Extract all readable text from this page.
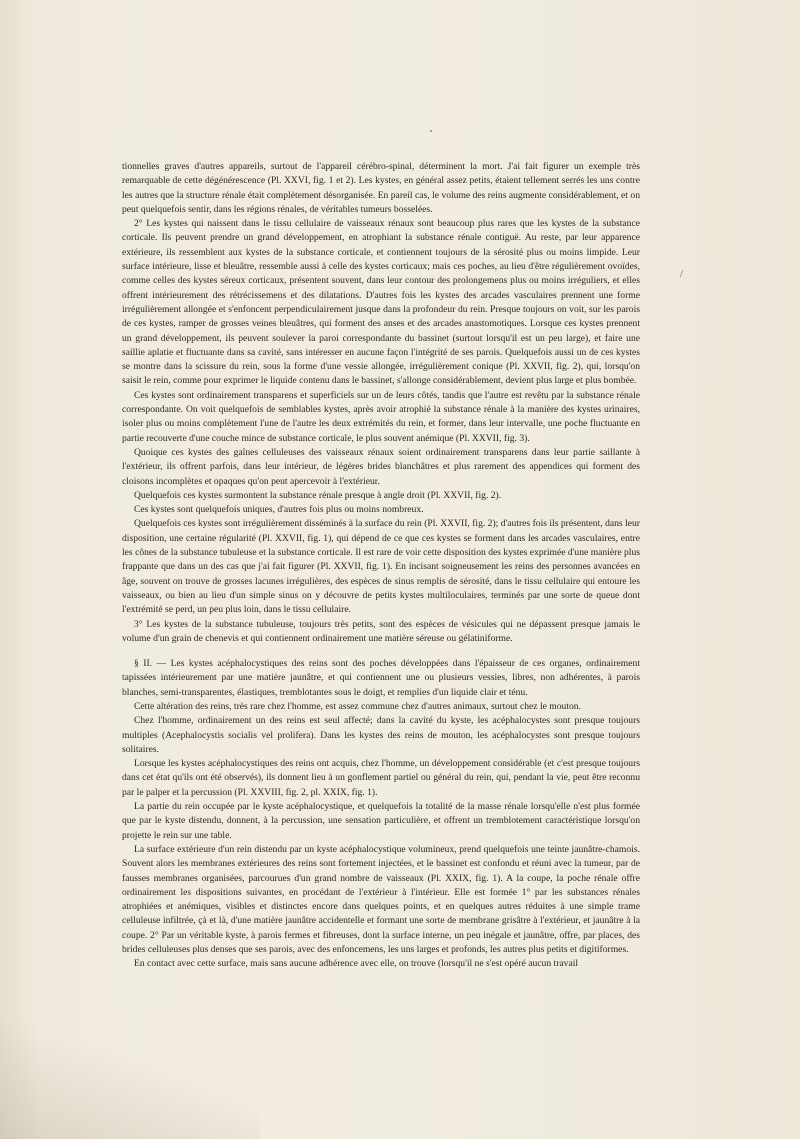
/

tionnelles graves d'autres appareils, surtout de l'appareil cérébro-spinal, déterminent la mort. J'ai fait figurer un exemple très remarquable de cette dégénérescence (Pl. XXVI, fig. 1 et 2). Les kystes, en général assez petits, étaient tellement serrés les uns contre les autres que la structure rénale était complètement désorganisée. En pareil cas, le volume des reins augmente considérablement, et on peut quelquefois sentir, dans les régions rénales, de véritables tumeurs bosselées.

2° Les kystes qui naissent dans le tissu cellulaire de vaisseaux rénaux sont beaucoup plus rares que les kystes de la substance corticale. Ils peuvent prendre un grand développement, en atrophiant la substance rénale contiguë. Au reste, par leur apparence extérieure, ils ressemblent aux kystes de la substance corticale, et contiennent toujours de la sérosité plus ou moins limpide. Leur surface intérieure, lisse et bleuâtre, ressemble aussi à celle des kystes corticaux; mais ces poches, au lieu d'être régulièrement ovoïdes, comme celles des kystes séreux corticaux, présentent souvent, dans leur contour des prolongemens plus ou moins irréguliers, et elles offrent intérieurement des rétrécissemens et des dilatations. D'autres fois les kystes des arcades vasculaires prennent une forme irrégulièrement allongée et s'enfoncent perpendiculairement jusque dans la profondeur du rein. Presque toujours on voit, sur les parois de ces kystes, ramper de grosses veines bleuâtres, qui forment des anses et des arcades anastomotiques. Lorsque ces kystes prennent un grand développement, ils peuvent soulever la paroi correspondante du bassinet (surtout lorsqu'il est un peu large), et faire une saillie aplatie et fluctuante dans sa cavité, sans intéresser en aucune façon l'intégrité de ses parois. Quelquefois aussi un de ces kystes se montre dans la scissure du rein, sous la forme d'une vessie allongée, irrégulièrement conique (Pl. XXVII, fig. 2), qui, lorsqu'on saisit le rein, comme pour exprimer le liquide contenu dans le bassinet, s'allonge considérablement, devient plus large et plus bombée.

Ces kystes sont ordinairement transparens et superficiels sur un de leurs côtés, tandis que l'autre est revêtu par la substance rénale correspondante. On voit quelquefois de semblables kystes, après avoir atrophié la substance rénale à la manière des kystes urinaires, isoler plus ou moins complètement l'une de l'autre les deux extrémités du rein, et former, dans leur intervalle, une poche fluctuante en partie recouverte d'une couche mince de substance corticale, le plus souvent anémique (Pl. XXVII, fig. 3).

Quoique ces kystes des gaînes celluleuses des vaisseaux rénaux soient ordinairement transparens dans leur partie saillante à l'extérieur, ils offrent parfois, dans leur intérieur, de légères brides blanchâtres et plus rarement des appendices qui forment des cloisons incomplètes et opaques qu'on peut apercevoir à l'extérieur.

Quelquefois ces kystes surmontent la substance rénale presque à angle droit (Pl. XXVII, fig. 2).

Ces kystes sont quelquefois uniques, d'autres fois plus ou moins nombreux.

Quelquefois ces kystes sont irrégulièrement disséminés à la surface du rein (Pl. XXVII, fig. 2); d'autres fois ils présentent, dans leur disposition, une certaine régularité (Pl. XXVII, fig. 1), qui dépend de ce que ces kystes se forment dans les arcades vasculaires, entre les cônes de la substance tubuleuse et la substance corticale. Il est rare de voir cette disposition des kystes exprimée d'une manière plus frappante que dans un des cas que j'ai fait figurer (Pl. XXVII, fig. 1). En incisant soigneusement les reins des personnes avancées en âge, souvent on trouve de grosses lacunes irrégulières, des espèces de sinus remplis de sérosité, dans le tissu cellulaire qui entoure les vaisseaux, ou bien au lieu d'un simple sinus on y découvre de petits kystes multiloculaires, terminés par une sorte de queue dont l'extrémité se perd, un peu plus loin, dans le tissu cellulaire.

3° Les kystes de la substance tubuleuse, toujours très petits, sont des espèces de vésicules qui ne dépassent presque jamais le volume d'un grain de chenevis et qui contiennent ordinairement une matière séreuse ou gélatiniforme.

§ II. — Les kystes acéphalocystiques des reins sont des poches développées dans l'épaisseur de ces organes, ordinairement tapissées intérieurement par une matière jaunâtre, et qui contiennent une ou plusieurs vessies, libres, non adhérentes, à parois blanches, semi-transparentes, élastiques, tremblotantes sous le doigt, et remplies d'un liquide clair et ténu.

Cette altération des reins, très rare chez l'homme, est assez commune chez d'autres animaux, surtout chez le mouton.

Chez l'homme, ordinairement un des reins est seul affecté; dans la cavité du kyste, les acéphalocystes sont presque toujours multiples (Acephalocystis socialis vel prolifera). Dans les kystes des reins de mouton, les acéphalocystes sont presque toujours solitaires.

Lorsque les kystes acéphalocystiques des reins ont acquis, chez l'homme, un développement considérable (et c'est presque toujours dans cet état qu'ils ont été observés), ils donnent lieu à un gonflement partiel ou général du rein, qui, pendant la vie, peut être reconnu par le palper et la percussion (Pl. XXVIII, fig. 2, pl. XXIX, fig. 1).

La partie du rein occupée par le kyste acéphalocystique, et quelquefois la totalité de la masse rénale lorsqu'elle n'est plus formée que par le kyste distendu, donnent, à la percussion, une sensation particulière, et offrent un tremblotement caractéristique lorsqu'on projette le rein sur une table.

La surface extérieure d'un rein distendu par un kyste acéphalocystique volumineux, prend quelquefois une teinte jaunâtre-chamois. Souvent alors les membranes extérieures des reins sont fortement injectées, et le bassinet est confondu et réuni avec la tumeur, par de fausses membranes organisées, parcourues d'un grand nombre de vaisseaux (Pl. XXIX, fig. 1). A la coupe, la poche rénale offre ordinairement les dispositions suivantes, en procédant de l'extérieur à l'intérieur. Elle est formée 1° par les substances rénales atrophiées et anémiques, visibles et distinctes encore dans quelques points, et en quelques autres réduites à une simple trame celluleuse infiltrée, çà et là, d'une matière jaunâtre accidentelle et formant une sorte de membrane grisâtre à l'extérieur, et jaunâtre à la coupe. 2° Par un véritable kyste, à parois fermes et fibreuses, dont la surface interne, un peu inégale et jaunâtre, offre, par places, des brides celluleuses plus denses que ses parois, avec des enfoncemens, les uns larges et profonds, les autres plus petits et digitiformes.

En contact avec cette surface, mais sans aucune adhérence avec elle, on trouve (lorsqu'il ne s'est opéré aucun travail
